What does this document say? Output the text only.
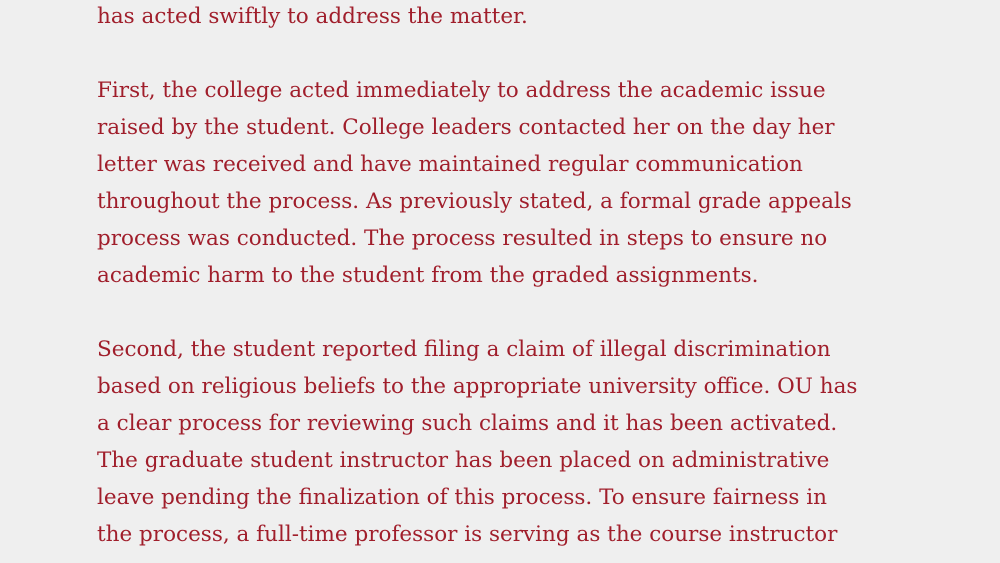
has acted swiftly to address the matter.

First, the college acted immediately to address the academic issue
raised by the student. College leaders contacted her on the day her
letter was received and have maintained regular communication
throughout the process. As previously stated, a formal grade appeals
process was conducted. The process resulted in steps to ensure no
academic harm to the student from the graded assignments.

Second, the student reported filing a claim of illegal discrimination
based on religious beliefs to the appropriate university office. OU has
a clear process for reviewing such claims and it has been activated.
The graduate student instructor has been placed on administrative
leave pending the finalization of this process. To ensure fairness in
the process, a full-time professor is serving as the course instructor
